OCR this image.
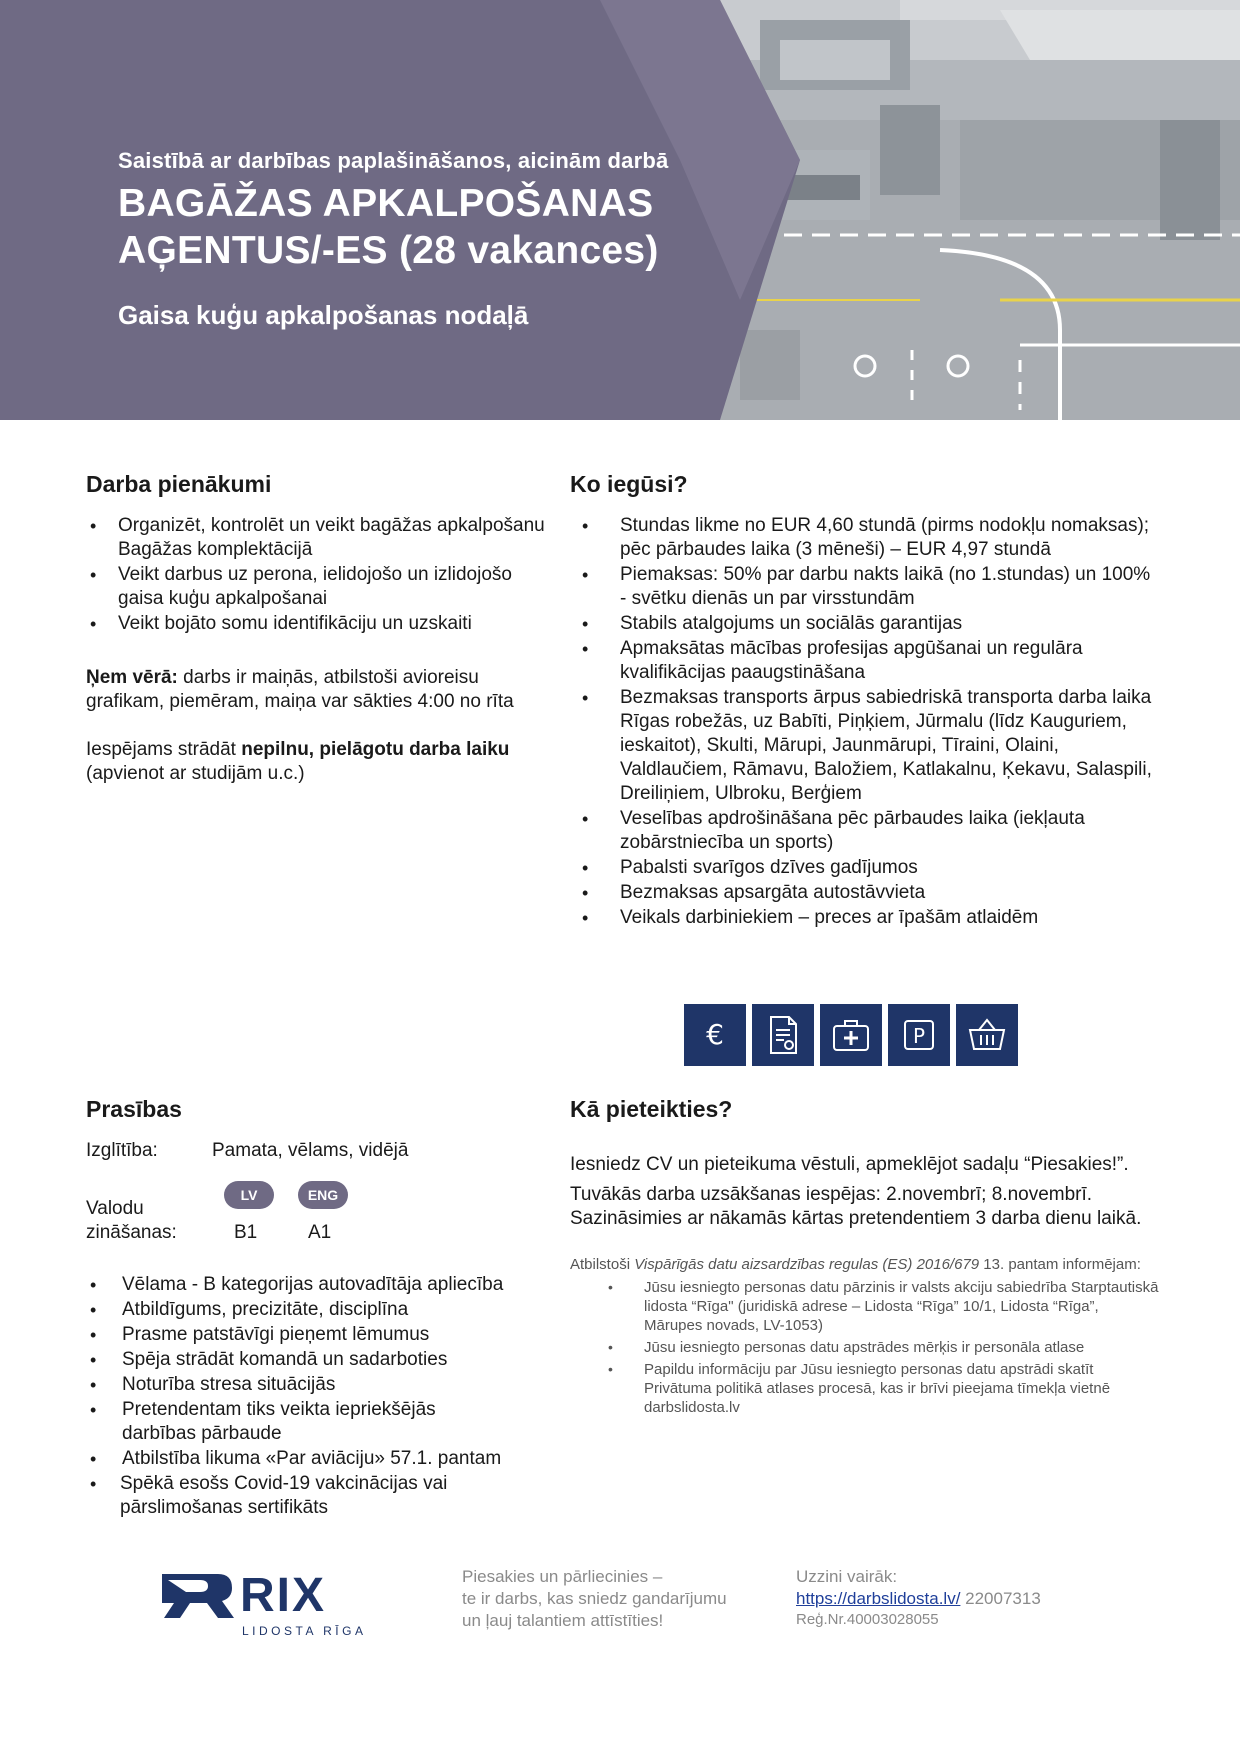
Saistībā ar darbības paplašināšanos, aicinām darbā

BAGĀŽAS APKALPOŠANAS

AĢENTUS/-ES (28 vakances)

Gaisa kuģu apkalpošanas nodaļā
Darba pienākumi
• Organizēt, kontrolēt un veikt bagāžas apkalpošanu Bagāžas komplektācijā
• Veikt darbus uz perona, ielidojošo un izlidojošo gaisa kuģu apkalpošanai
• Veikt bojāto somu identifikāciju un uzskaiti

Ņem vērā: darbs ir maiņās, atbilstoši avioreisu grafikam, piemēram, maiņa var sākties 4:00 no rīta

Iespējams strādāt nepilnu, pielāgotu darba laiku (apvienot ar studijām u.c.)

Ko iegūsi?
• Stundas likme no EUR 4,60 stundā (pirms nodokļu nomaksas); pēc pārbaudes laika (3 mēneši) – EUR 4,97 stundā
• Piemaksas: 50% par darbu nakts laikā (no 1.stundas) un 100% - svētku dienās un par virsstundām
• Stabils atalgojums un sociālās garantijas
• Apmaksātas mācības profesijas apgūšanai un regulāra kvalifikācijas paaugstināšana
• Bezmaksas transports ārpus sabiedriskā transporta darba laika Rīgas robežās, uz Babīti, Piņķiem, Jūrmalu (līdz Kauguriem, ieskaitot), Skulti, Mārupi, Jaunmārupi, Tīraini, Olaini, Valdlaučiem, Rāmavu, Baložiem, Katlakalnu, Ķekavu, Salaspili, Dreiliņiem, Ulbroku, Berģiem
• Veselības apdrošināšana pēc pārbaudes laika (iekļauta zobārstniecība un sports)
• Pabalsti svarīgos dzīves gadījumos
• Bezmaksas apsargāta autostāvvieta
• Veikals darbiniekiem – preces ar īpašām atlaidēm
€	P
Prasības
Izglītība:	Pamata, vēlams, vidējā
LV	ENG
Valodu
zināšanas:	B1	A1
• Vēlama - B kategorijas autovadītāja apliecība
• Atbildīgums, precizitāte, disciplīna
• Prasme patstāvīgi pieņemt lēmumus
• Spēja strādāt komandā un sadarboties
• Noturība stresa situācijās
• Pretendentam tiks veikta iepriekšējās darbības pārbaude
• Atbilstība likuma «Par aviāciju» 57.1. pantam
• Spēkā esošs Covid-19 vakcinācijas vai pārslimošanas sertifikāts
Kā pieteikties?

Iesniedz CV un pieteikuma vēstuli, apmeklējot sadaļu “Piesakies!”.

Tuvākās darba uzsākšanas iespējas: 2.novembrī; 8.novembrī.

Sazināsimies ar nākamās kārtas pretendentiem 3 darba dienu laikā.

Atbilstoši Vispārīgās datu aizsardzības regulas (ES) 2016/679 13. pantam informējam:

• Jūsu iesniegto personas datu pārzinis ir valsts akciju sabiedrība Starptautiskā lidosta “Rīga" (juridiskā adrese – Lidosta “Rīga” 10/1, Lidosta “Rīga”, Mārupes novads, LV-1053)
• Jūsu iesniegto personas datu apstrādes mērķis ir personāla atlase
• Papildu informāciju par Jūsu iesniegto personas datu apstrādi skatīt Privātuma politikā atlases procesā, kas ir brīvi pieejama tīmekļa vietnē darbslidosta.lv
RIX
LIDOSTA RĪGA
Piesakies un pārliecinies –
te ir darbs, kas sniedz gandarījumu
un ļauj talantiem attīstīties!
Uzzini vairāk:
https://darbslidosta.lv/ 22007313
Reģ.Nr.40003028055
